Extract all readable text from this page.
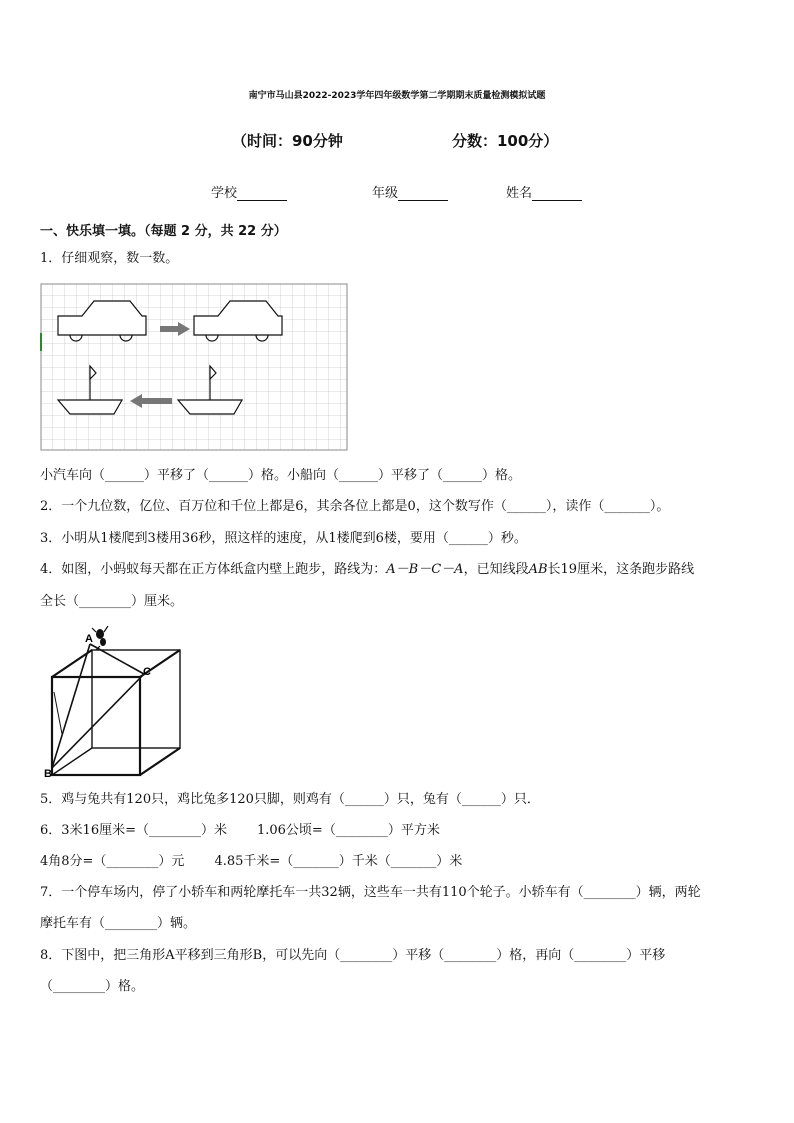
南宁市马山县2022-2023学年四年级数学第二学期期末质量检测模拟试题
（时间：90分钟	分数：100分）
学校	年级	姓名
一、快乐填一填。（每题 2 分，共 22 分）
1．仔细观察，数一数。
小汽车向（______）平移了（______）格。小船向（______）平移了（______）格。
2．一个九位数，亿位、百万位和千位上都是6，其余各位上都是0，这个数写作（______），读作（_______）。
3．小明从1楼爬到3楼用36秒，照这样的速度，从1楼爬到6楼，要用（______）秒。
4．如图，小蚂蚁每天都在正方体纸盒内壁上跑步，路线为：A－B－C－A，已知线段AB长19厘米，这条跑步路线
全长（________）厘米。
A
B
C
5．鸡与兔共有120只，鸡比兔多120只脚，则鸡有（______）只，兔有（______）只．
6．3米16厘米=（________）米 1.06公顷=（________）平方米
4角8分=（________）元 4.85千米=（_______）千米（_______）米
7．一个停车场内，停了小轿车和两轮摩托车一共32辆，这些车一共有110个轮子。小轿车有（________）辆，两轮
摩托车有（________）辆。
8．下图中，把三角形A平移到三角形B，可以先向（________）平移（________）格，再向（________）平移
（________）格。
